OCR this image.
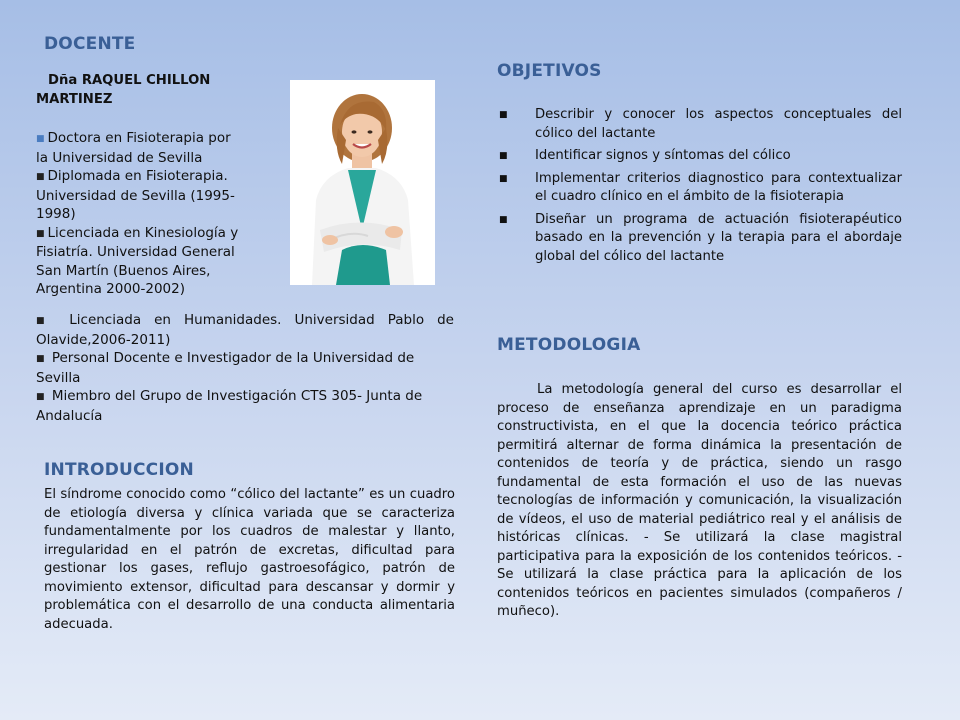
DOCENTE
Dña RAQUEL CHILLON
MARTINEZ
■ Doctora en Fisioterapia por
la Universidad de Sevilla
■ Diplomada en Fisioterapia.
Universidad de Sevilla (1995-
1998)
■ Licenciada en Kinesiología y
Fisiatría. Universidad General
San Martín (Buenos Aires,
Argentina 2000-2002)
■ Licenciada en Humanidades. Universidad Pablo de Olavide,2006-2011)
■ Personal Docente e Investigador de la Universidad de Sevilla
■ Miembro del Grupo de Investigación CTS 305- Junta de Andalucía
INTRODUCCION

El síndrome conocido como “cólico del lactante” es un cuadro de etiología diversa y clínica variada que se caracteriza fundamentalmente por los cuadros de malestar y llanto, irregularidad en el patrón de excretas, dificultad para gestionar los gases, reflujo gastroesofágico, patrón de movimiento extensor, dificultad para descansar y dormir y problemática con el desarrollo de una conducta alimentaria adecuada.

OBJETIVOS
■ Describir y conocer los aspectos conceptuales del cólico del lactante
■ Identificar signos y síntomas del cólico
■ Implementar criterios diagnostico para contextualizar el cuadro clínico en el ámbito de la fisioterapia
■ Diseñar un programa de actuación fisioterapéutico basado en la prevención y la terapia para el abordaje global del cólico del lactante
METODOLOGIA

La metodología general del curso es desarrollar el proceso de enseñanza aprendizaje en un paradigma constructivista, en el que la docencia teórico práctica permitirá alternar de forma dinámica la presentación de contenidos de teoría y de práctica, siendo un rasgo fundamental de esta formación el uso de las nuevas tecnologías de información y comunicación, la visualización de vídeos, el uso de material pediátrico real y el análisis de históricas clínicas. - Se utilizará la clase magistral participativa para la exposición de los contenidos teóricos. - Se utilizará la clase práctica para la aplicación de los contenidos teóricos en pacientes simulados (compañeros / muñeco).
